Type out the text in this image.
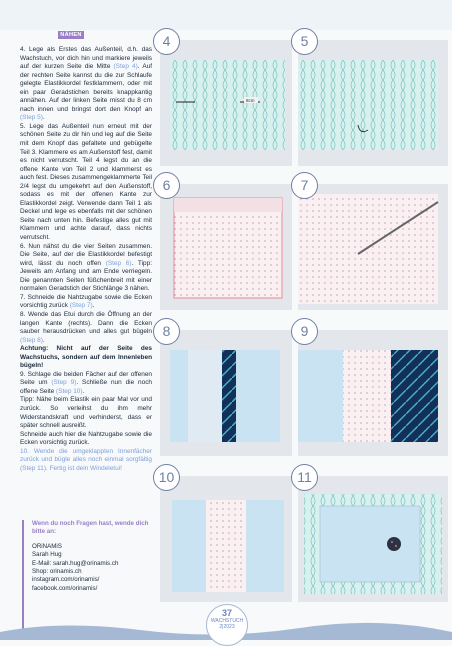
NÄHEN

4. Lege als Erstes das Außenteil, d.h. das Wachstuch, vor dich hin und markiere jeweils auf der kurzen Seite die Mitte (Step 4). Auf der rechten Seite kannst du die zur Schlaufe gelegte Elastikkordel festklammern, oder mit ein paar Geradstichen bereits knappkantig annähen. Auf der linken Seite misst du 8 cm nach innen und bringst dort den Knopf an (Step 5).

5. Lege das Außenteil nun erneut mit der schönen Seite zu dir hin und leg auf die Seite mit dem Knopf das gefaltete und gebügelte Teil 3. Klammere es am Außenstoff fest, damit es nicht verrutscht. Teil 4 legst du an die offene Kante von Teil 2 und klammerst es auch fest. Dieses zusammengeklammerte Teil 2/4 legst du umgekehrt auf den Außenstoff, sodass es mit der offenen Kante zur Elastikkordel zeigt. Verwende dann Teil 1 als Deckel und lege es ebenfalls mit der schönen Seite nach unten hin. Befestige alles gut mit Klammern und achte darauf, dass nichts verrutscht.

6. Nun nähst du die vier Seiten zusammen. Die Seite, auf der die Elastikkordel befestigt wird, lässt du noch offen (Step 6). Tipp: Jeweils am Anfang und am Ende verriegeln. Die genannten Seiten füßchenbreit mit einer normalen Geradstich der Stichlänge 3 nähen.

7. Schneide die Nahtzugabe sowie die Ecken vorsichtig zurück (Step 7).

8. Wende das Etui durch die Öffnung an der langen Kante (rechts). Dann die Ecken sauber herausdrücken und alles gut bügeln (Step 8).

Achtung: Nicht auf der Seite des Wachstuchs, sondern auf dem Innenleben bügeln!

9. Schlage die beiden Fächer auf der offenen Seite um (Step 9). Schließe nun die noch offene Seite (Step 10).

Tipp: Nähe beim Elastik ein paar Mal vor und zurück. So verleihst du ihm mehr Widerstandskraft und verhinderst, dass er später schnell ausreißt.

Schneide auch hier die Nahtzugabe sowie die Ecken vorsichtig zurück.

10. Wende die umgeklappten Innenfächer zurück und bügle alles noch einmal sorgfältig (Step 11). Fertig ist dein Windeletui!

Wenn du noch Fragen hast, wende dich bitte an:

ORiNAMiS

Sarah Hug

E-Mail: sarah.hug@orinamis.ch

Shop: orinamis.ch

instagram.com/orinamis/

facebook.com/orinamis/

8cm
4	5
6	7
8	9
10	11
37
WACHSTUCH
2|2023
